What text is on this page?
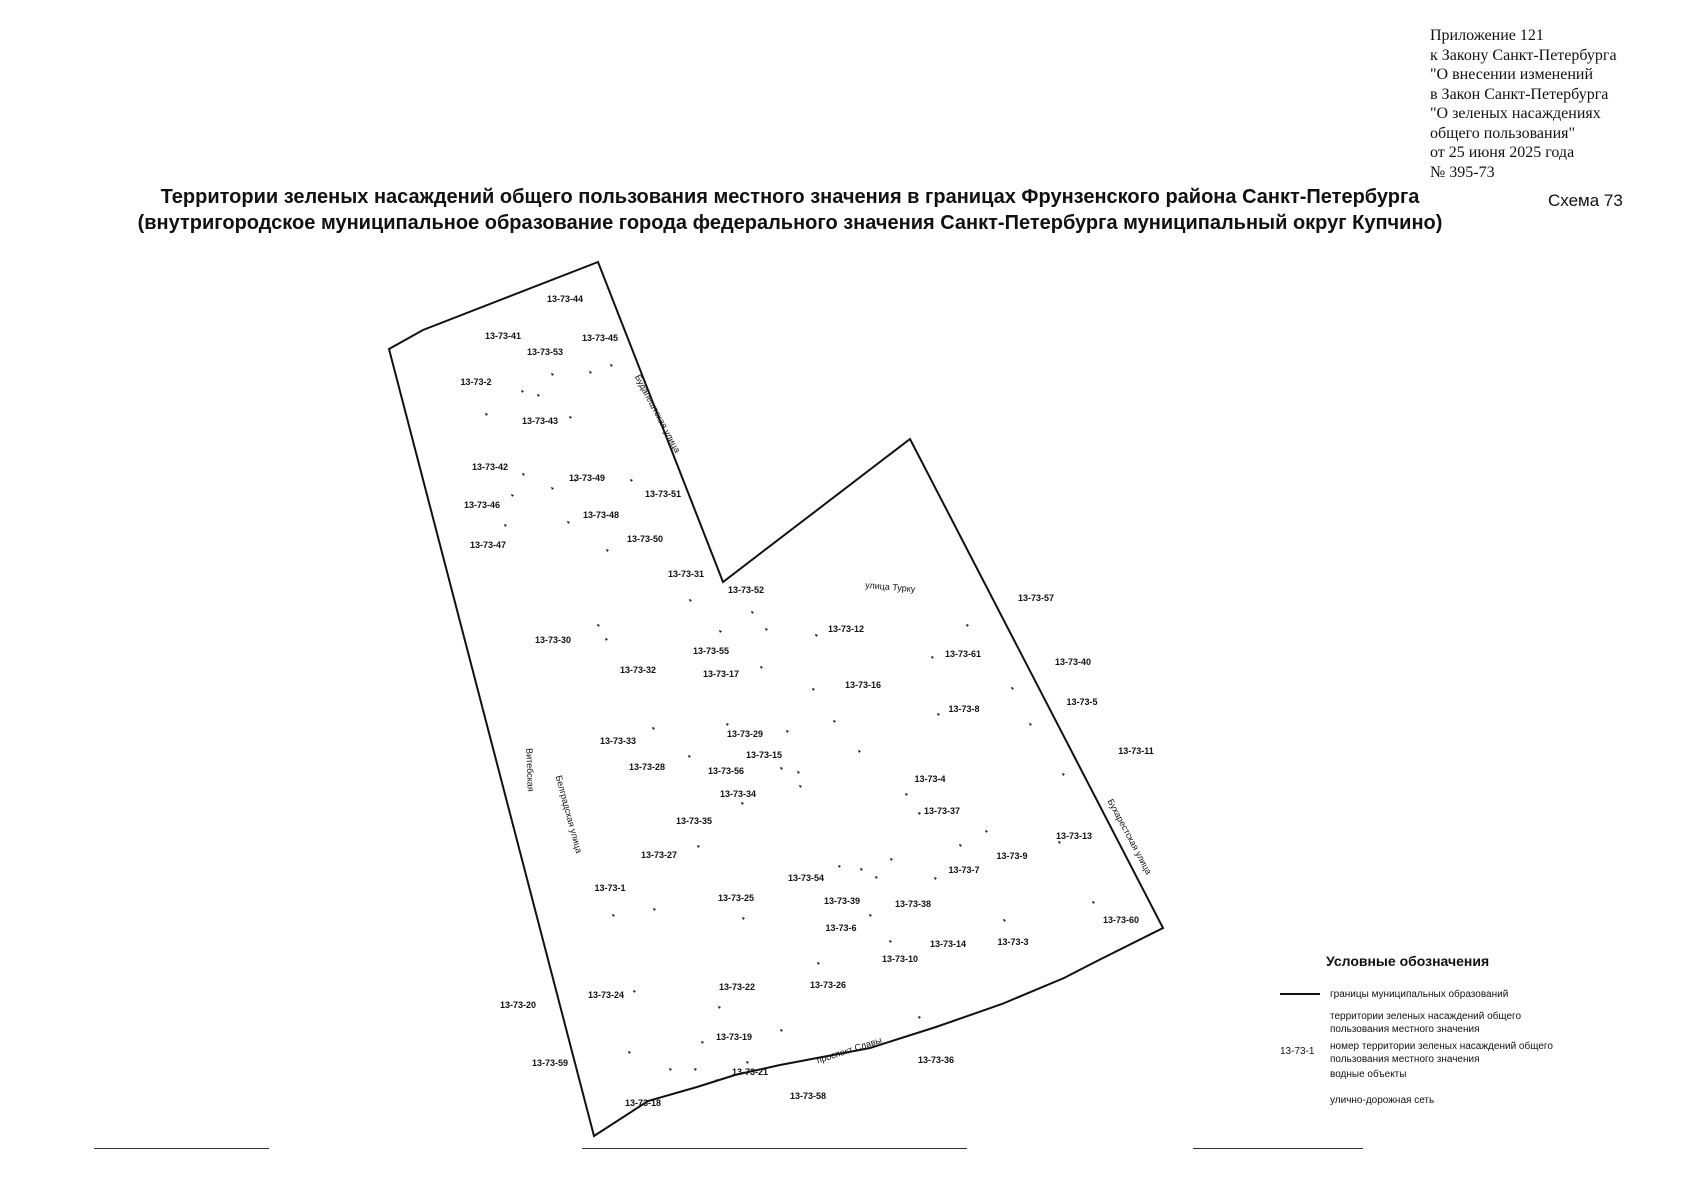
Приложение 121
к Закону Санкт-Петербурга
"О внесении изменений
в Закон Санкт-Петербурга
"О зеленых насаждениях
общего пользования"
от 25 июня 2025 года
№ 395-73
Территории зеленых насаждений общего пользования местного значения в границах Фрунзенского района Санкт-Петербурга
(внутригородское муниципальное образование города федерального значения Санкт-Петербурга муниципальный округ Купчино)
Схема 73
Будапештская улица
улица Турку
Витебская
Белградская улица	Бухарестская улица
проспект Славы
13-73-44
13-73-41	13-73-45
13-73-53
13-73-2
13-73-43
13-73-42
13-73-49
13-73-51
13-73-46
13-73-48
13-73-47
13-73-50
13-73-31
13-73-52
13-73-57
13-73-30
13-73-12
13-73-55	13-73-61
13-73-32	13-73-17
13-73-40
13-73-16
13-73-5
13-73-8
13-73-29
13-73-33
13-73-11
13-73-15
13-73-28	13-73-56
13-73-4
13-73-34
13-73-37
13-73-35
13-73-13
13-73-27	13-73-9
13-73-7
13-73-54
13-73-1
13-73-25	13-73-39	13-73-38
13-73-60
13-73-6
13-73-14	13-73-3
13-73-10
13-73-26
13-73-22
13-73-24
13-73-20
13-73-19
13-73-59
13-73-21
13-73-36
13-73-18
13-73-58
Условные обозначения
границы муниципальных образований
территории зеленых насаждений общего пользования местного значения
13-73-1 номер территории зеленых насаждений общего пользования местного значения
водные объекты
улично-дорожная сеть
